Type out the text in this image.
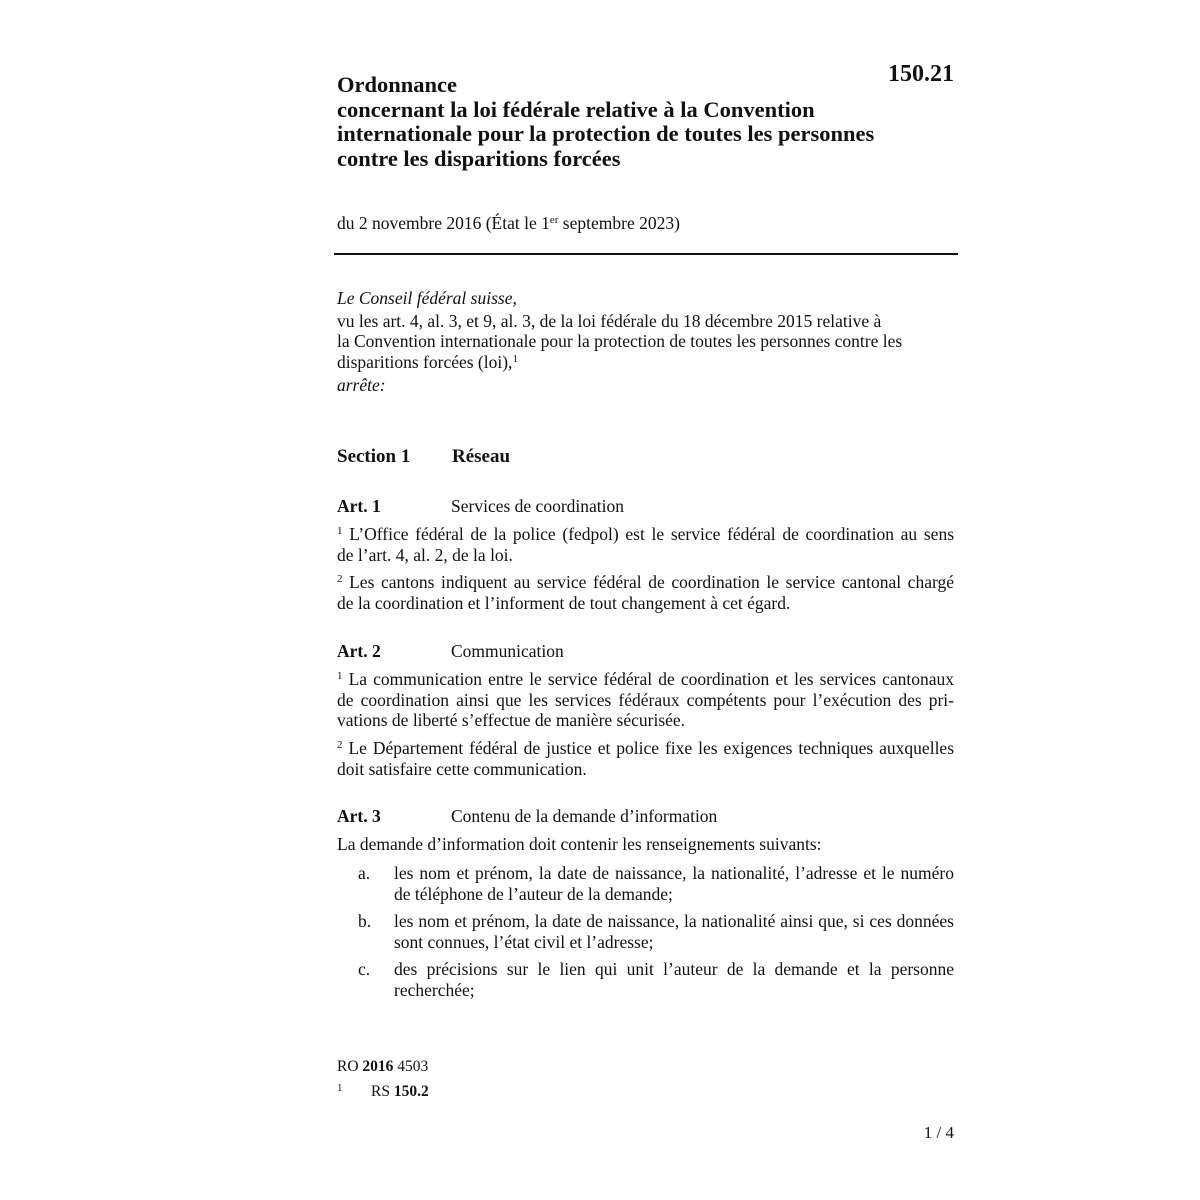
150.21
Ordonnance
concernant la loi fédérale relative à la Convention
internationale pour la protection de toutes les personnes
contre les disparitions forcées
du 2 novembre 2016 (État le 1er septembre 2023)
Le Conseil fédéral suisse,
vu les art. 4, al. 3, et 9, al. 3, de la loi fédérale du 18 décembre 2015 relative à
la Convention internationale pour la protection de toutes les personnes contre les
disparitions forcées (loi),$^1$
arrête:
Section 1 Réseau
Art. 1	Services de coordination
$^1$ L’Office fédéral de la police (fedpol) est le service fédéral de coordination au sens
de l’art. 4, al. 2, de la loi.
$^2$ Les cantons indiquent au service fédéral de coordination le service cantonal chargé
de la coordination et l’informent de tout changement à cet égard.
Art. 2	Communication
$^1$ La communication entre le service fédéral de coordination et les services cantonaux
de coordination ainsi que les services fédéraux compétents pour l’exécution des pri-
vations de liberté s’effectue de manière sécurisée.
$^2$ Le Département fédéral de justice et police fixe les exigences techniques auxquelles
doit satisfaire cette communication.
Art. 3	Contenu de la demande d’information
La demande d’information doit contenir les renseignements suivants:
a. les nom et prénom, la date de naissance, la nationalité, l’adresse et le numéro
de téléphone de l’auteur de la demande;
b. les nom et prénom, la date de naissance, la nationalité ainsi que, si ces données
sont connues, l’état civil et l’adresse;
c. des précisions sur le lien qui unit l’auteur de la demande et la personne
recherchée;
RO 2016 4503
1 RS 150.2
1 / 4
